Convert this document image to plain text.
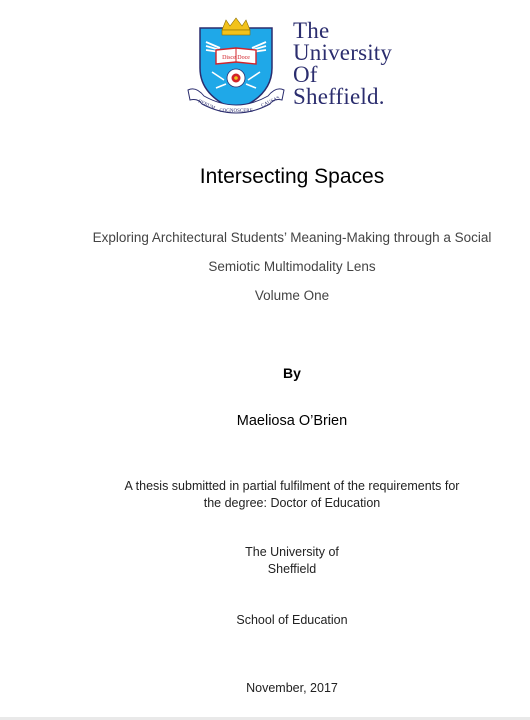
Disce Doce
RERUM
COGNOSCERE
CAUSAS
The
University
Of
Sheffield.
Intersecting Spaces
Exploring Architectural Students’ Meaning-Making through a Social
Semiotic Multimodality Lens
Volume One
By
Maeliosa O’Brien
A thesis submitted in partial fulfilment of the requirements for
the degree: Doctor of Education
The University of
Sheffield
School of Education
November, 2017
